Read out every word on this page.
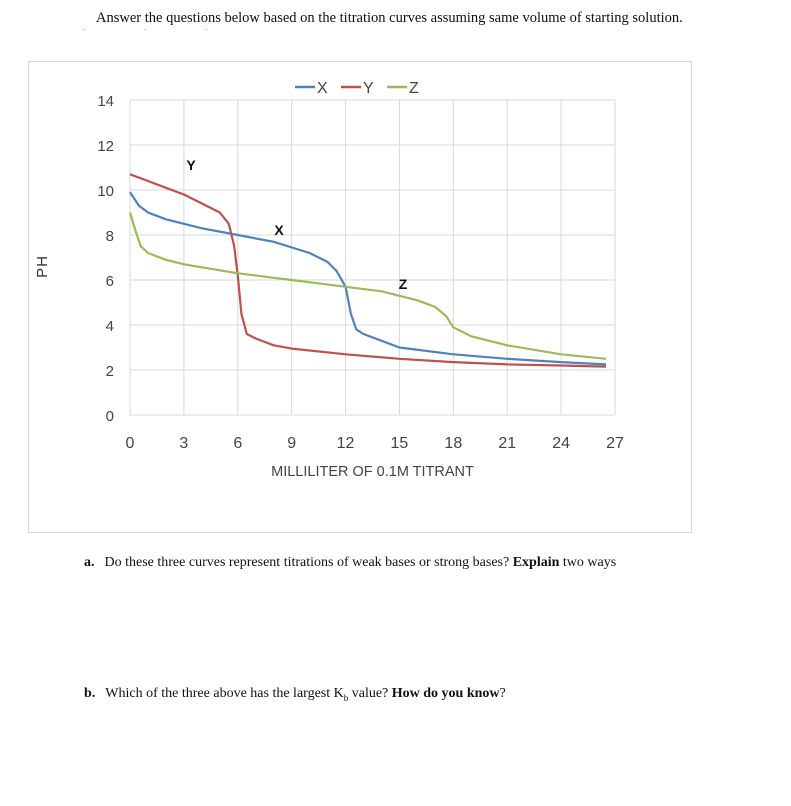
Answer the questions below based on the titration curves assuming same volume of starting solution.
˙˙˙
PH
0	3	6	9	12 15 18 21 24 27
0
2
4
6
8
10
12
14
MILLILITER OF 0.1M TITRANT
X Y Z
Y
X
Z
a. Do these three curves represent titrations of weak bases or strong bases? Explain two ways
b. Which of the three above has the largest $K_b$ value? How do you know?
